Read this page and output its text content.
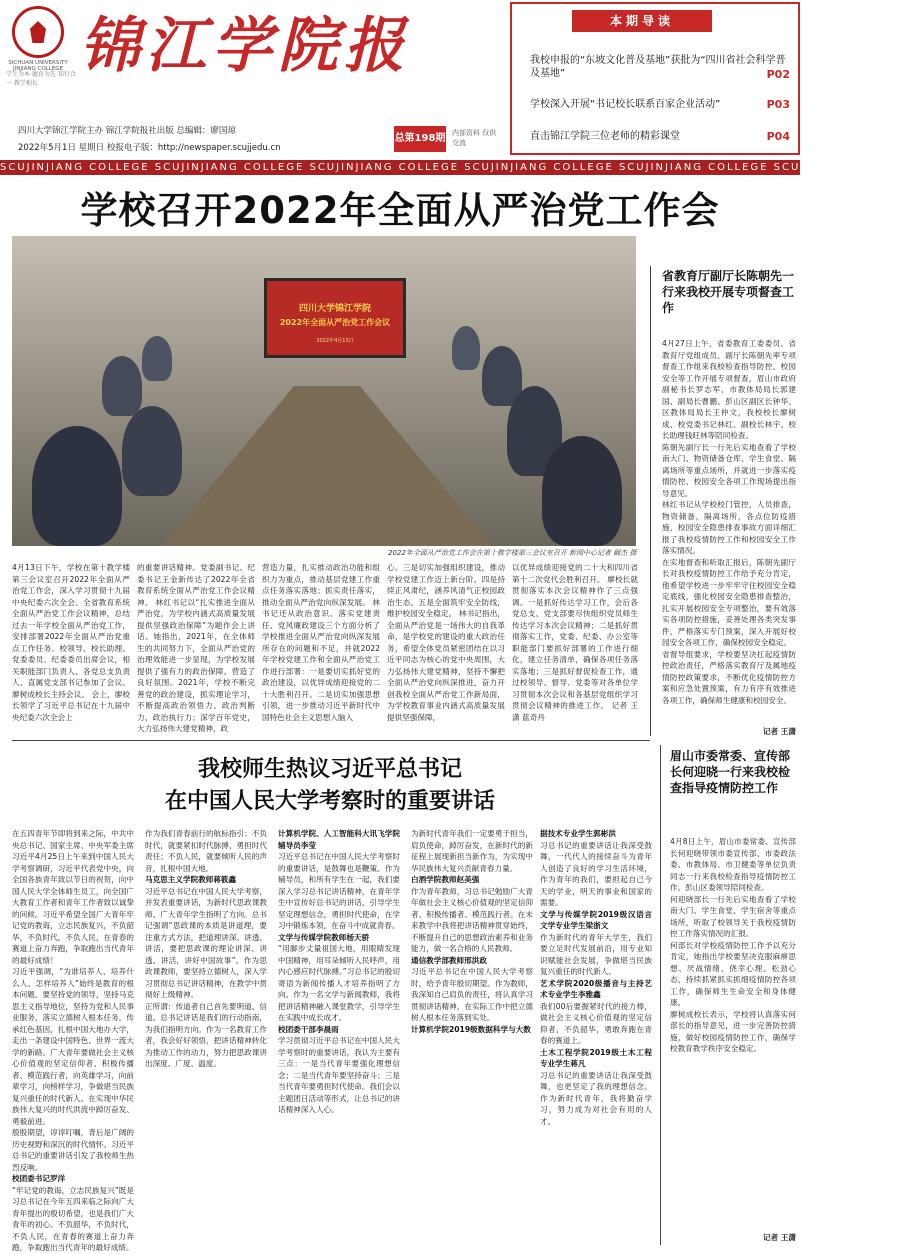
SICHUAN UNIVERSITY JINJIANG COLLEGE
学生为本 德育为先 知行合一 教学相长
锦江学院报
四川大学锦江学院主办 锦江学院报社出版 总编辑：廖国琼
2022年5月1日 星期日 校报电子版：http://newspaper.scujjedu.cn
总第198期 内部资料 仅供交流
SCUJINJIANG COLLEGE SCUJINJIANG COLLEGE SCUJINJIANG COLLEGE SCUJINJIANG COLLEGE SCUJINJIANG COLLEGE SCUJINJIANG COLLEGE
本期导读
我校申报的“东坡文化普及基地”获批为“四川省社会科学普及基地”	P02
学校深入开展“书记校长联系百家企业活动”	P03
直击锦江学院三位老师的精彩课堂	P04
学校召开2022年全面从严治党工作会
四川大学锦江学院
2022年全面从严治党工作会议
2022年4月13日
2022年全面从严治党工作会在第十教学楼第三会议室召开 新闻中心记者 阚杰 摄
4月13日下午，学校在第十教学楼第三会议室召开2022年全面从严治党工作会，深入学习贯彻十九届中央纪委六次全会、全省教育系统全面从严治党工作会议精神，总结过去一年学校全面从严治党工作，安排部署2022年全面从严治党重点工作任务。校领导、校长助理、党委委员、纪委委员出席会议，相关职能部门负责人、各党总支负责人、直属党支部书记参加了会议。廖树成校长主持会议。 会上，廖校长领学了习近平总书记在十九届中央纪委六次全会上
的重要讲话精神。党委副书记、纪委书记王金新传达了2022年全省教育系统全面从严治党工作会议精神。 林红书记以“扎实推进全面从严治党，为学校内涵式高质量发展提供坚强政治保障”为题作会上讲话。她指出，2021年，在全体师生的共同努力下，全面从严治党的治理效能进一步显现，为学校发展提供了强有力的政治保障。营造了良好氛围。2021年，学校不断完善党的政治建设，抓实理论学习，不断提高政治领悟力、政治判断力、政治执行力；深学百年党史，大力弘扬伟大建党精神，政
营造力量，扎实推动政治功能和组织力为重点，推动基层党建工作重点任务落实落地；抓实责任落实，推动全面从严治党向纵深发展。 林书记还从政治意识、落实党建责任、党风廉政建设三个方面分析了学校推进全面从严治党向纵深发展所存在的问题和不足，并就2022年学校党建工作和全面从严治党工作进行部署：一是要切实抓好党的政治建设，以优异成绩迎接党的二十大胜利召开。二是切实加强思想引领，进一步推动习近平新时代中国特色社会主义思想入脑入
心。三是切实加强组织建设，推动学校党建工作迈上新台阶。四是持续正风肃纪，涵养风清气正校园政治生态。五是全面筑牢安全防线，维护校园安全稳定。 林书记指出，全面从严治党是一场伟大的自我革命，是学校党的建设的重大政治任务，希望全体党员紧密团结在以习近平同志为核心的党中央周围，大力弘扬伟大建党精神，坚持不懈把全面从严治党向纵深推进，奋力开创我校全面从严治党工作新局面，为学校教育事业内涵式高质量发展提供坚强保障，
以优异成绩迎接党的二十大和四川省第十二次党代会胜利召开。 廖校长就贯彻落实本次会议精神作了三点强调。一是抓好传达学习工作，会后各党总支、党支部要尽快组织党员师生传达学习本次会议精神；二是抓好贯彻落实工作，党委、纪委、办公室等职能部门要抓好部署的工作进行细化，建立任务清单，确保各项任务落实落地；三是抓好督促检查工作，通过校领导、督导、党委等对各单位学习贯彻本次会议和各基层党组织学习贯彻会议精神的推进工作。 记者 王潇 蓝奇丹
省教育厅副厅长陈朝先一行来我校开展专项督查工作
4月27日上午，省委教育工委委员、省教育厅党组成员、副厅长陈朝先率专项督查工作组来我校检查指导防控、校园安全等工作开展专项督查，眉山市政府副秘书长罗志军、市教体局局长郭建国、副局长曹鹏、彭山区副区长钟华、区教体局局长王仲文，我校校长廖树成、校党委书记林红、副校长林宇、校长助理钱旺林等陪同检查。
陈朝先副厅长一行先后实地查看了学校南大门、物资储备仓库、学生食堂、隔离场所等重点场所，并就进一步落实疫情防控、校园安全各项工作现场提出指导意见。
林红书记从学校校门管控，人员排查，物资储备，隔离场所，各点位防疫措施，校园安全隐患排查事故方面详细汇报了我校疫情防控工作和校园安全工作落实情况。
在实地督查和听取汇报后，陈朝先副厅长对我校疫情防控工作给予充分肯定，他希望学校进一步牢牢守住校园安全稳定底线，强化校园安全隐患排查整治，扎实开展校园安全专项整治，要有效落实各项防控措施，妥善处理各类突发事件，严格落实专门预案，深入开展好校园安全各项工作，确保校园安全稳定。
省督导组要求，学校要坚决扛起疫情防控政治责任，严格落实教育厅及属地疫情防控政策要求，不断优化疫情防控方案和应急处置预案，有力有序有效推进各项工作，确保师生健康和校园安全。
记者 王潇
我校师生热议习近平总书记
在中国人民大学考察时的重要讲话
在五四青年节即将到来之际，中共中央总书记、国家主席、中央军委主席习近平4月25日上午来到中国人民大学考察调研，习近平代表党中央，向全国各族青年致以节日的祝贺，向中国人民大学全体师生员工，向全国广大教育工作者和青年工作者致以诚挚的问候。习近平希望全国广大青年牢记党的教诲，立志民族复兴，不负韶华，不负时代，不负人民，在青春的赛道上奋力奔跑，争取跑出当代青年的最好成绩！
习近平强调，“为谁培养人、培养什么人、怎样培养人”始终是教育的根本问题。要坚持党的领导，坚持马克思主义指导地位，坚持为党和人民事业服务，落实立德树人根本任务，传承红色基因，扎根中国大地办大学，走出一条建设中国特色、世界一流大学的新路。广大青年要做社会主义核心价值观的坚定信仰者、积极传播者、模范践行者，向英雄学习，向前辈学习，向榜样学习，争做堪当民族复兴重任的时代新人。在实现中华民族伟大复兴的时代洪流中踔厉奋发、勇毅前进。
殷殷期望，谆谆叮嘱，背后是广阔的历史视野和深沉的时代情怀。习近平总书记的重要讲话引发了我校师生热烈反响。
校团委书记罗洋
“牢记党的教诲，立志民族复兴”既是习总书记在今年五四来临之际向广大青年提出的殷切希望，也是我们广大青年的初心。不负韶华，不负时代，不负人民，在青春的赛道上奋力奔跑，争取跑出当代青年的最好成绩。
作为我们青春前行的航标指引；不负时代，就要紧扣时代脉搏，勇担时代责任；不负人民，就要倾听人民的声音，扎根中国大地。
马克思主义学院教师蒋筱鑫
习近平总书记在中国人民大学考察，并发表重要讲话，为新时代思政课教师、广大青年学生指明了方向。总书记强调“思政课的本质是讲道理，要注重方式方法，把道理讲深、讲透、讲活，要把思政课的理论讲深、讲透、讲活，讲好中国故事”。作为思政课教师，要坚持立德树人，深入学习贯彻总书记讲话精神，在教学中贯彻好上级精神。
正所谓：传道者自己首先要明道、信道。总书记讲话是我们的行动指南，为我们指明方向。作为一名教育工作者，我会好好领悟，把讲话精神转化为推动工作的动力，努力把思政课讲出深度、广度、温度。
计算机学院、人工智能科大讯飞学院辅导员李莹
习近平总书记在中国人民大学考察时的重要讲话，是鼓舞也是鞭策。作为辅导员，和所有学生在一起，我们要深入学习总书记讲话精神，在青年学生中宣传好总书记的讲话，引导学生坚定理想信念，勇担时代使命，在学习中锻炼本领，在奋斗中成就青春。
文学与传媒学院教师杨天骄
“用脚步丈量祖国大地，用眼睛发现中国精神，用耳朵倾听人民呼声，用内心感应时代脉搏。”习总书记的殷切寄语为新闻传播人才培养指明了方向。作为一名文学与新闻教师，我将把讲话精神融入课堂教学，引导学生在实践中成长成才。
校团委干部李晨雨
学习贯彻习近平总书记在中国人民大学考察时的重要讲话，我认为主要有三点：一是当代青年要强化理想信念；二是当代青年要坚持奋斗；三是当代青年要勇担时代使命。我们会以主题团日活动等形式，让总书记的讲话精神深入人心。
为新时代青年我们一定要勇于担当，肩负使命，踔厉奋发，在新时代的新征程上展现新担当新作为，为实现中华民族伟大复兴贡献青春力量。
白酒学院教师赵美强
作为青年教师，习总书记勉励广大青年做社会主义核心价值观的坚定信仰者、积极传播者、模范践行者。在未来教学中我将把讲话精神贯穿始终，不断提升自己的思想政治素养和业务能力，做一名合格的人民教师。
通信教学部教师邢洪政
习近平总书记在中国人民大学考察时，给予青年殷切期望。作为教师，我深知自己肩负的责任，将认真学习贯彻讲话精神，在实际工作中把立德树人根本任务落到实处。
计算机学院2019级数据科学与大数
据技术专业学生郭彬洪
习总书记的重要讲话让我深受鼓舞，一代代人的接续奋斗为青年人创造了良好的学习生活环境，作为青年的我们，要担起自己今天的学业，明天的事业和国家的需要。
文学与传媒学院2019级汉语言文学专业学生梁浙文
作为新时代的青年大学生，我们要立足时代发展前沿，用专业知识赋能社会发展，争做堪当民族复兴重任的时代新人。
艺术学院2020级播音与主持艺术专业学生李雅鑫
我们00后要握紧时代的接力棒，做社会主义核心价值观的坚定信仰者，不负韶华，勇敢奔跑在青春的赛道上。
土木工程学院2019级土木工程专业学生蒋凡
习总书记的重要讲话让我深受鼓舞，也更坚定了我的理想信念。作为新时代青年，我将勤奋学习，努力成为对社会有用的人才。
眉山市委常委、宣传部长何迎晓一行来我校检查指导疫情防控工作
4月8日上午，眉山市委常委、宣传部长何迎晓带领市委宣传部、市委政法委、市教体局、市卫健委等单位负责同志一行来我校检查指导疫情防控工作。彭山区委领导陪同检查。
何迎晓部长一行先后实地查看了学校南大门、学生食堂、学生宿舍等重点场所，听取了校领导关于我校疫情防控工作落实情况的汇报。
何部长对学校疫情防控工作予以充分肯定，她指出学校要坚决克服麻痹思想、厌战情绪、侥幸心理、松劲心态，持续抓紧抓实抓细疫情防控各项工作，确保师生生命安全和身体健康。
廖树成校长表示，学校将认真落实何部长的指导意见，进一步完善防控措施，做好校园疫情防控工作，确保学校教育教学秩序安全稳定。
记者 王潇
